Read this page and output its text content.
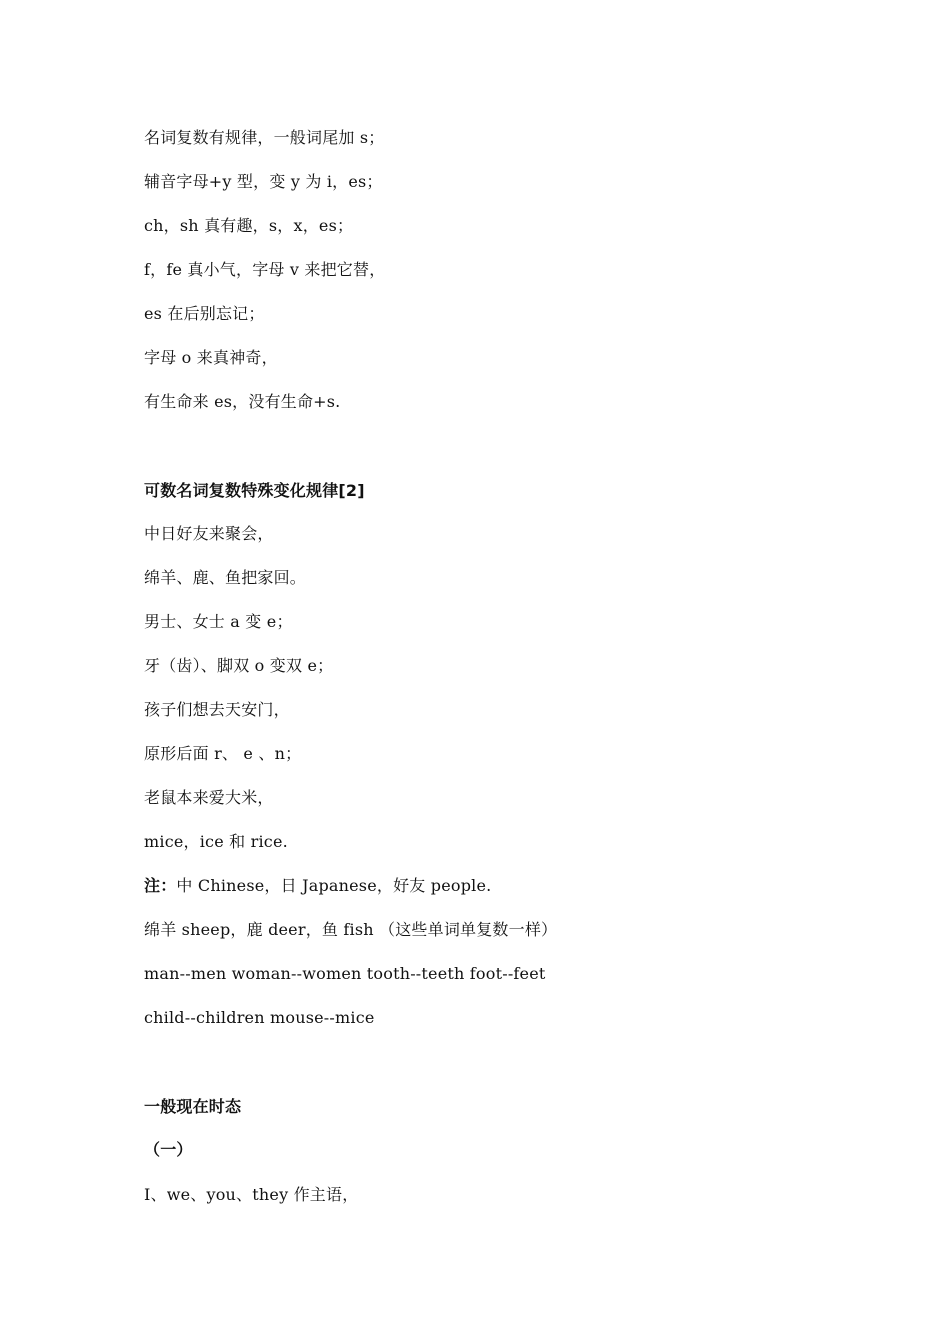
名词复数有规律，一般词尾加 s；
辅音字母+y 型，变 y 为 i，es；
ch，sh 真有趣，s，x，es；
f，fe 真小气，字母 v 来把它替，
es 在后别忘记；
字母 o 来真神奇，
有生命来 es，没有生命+s.
可数名词复数特殊变化规律[2]
中日好友来聚会，
绵羊、鹿、鱼把家回。
男士、女士 a 变 e；
牙（齿）、脚双 o 变双 e；
孩子们想去天安门，
原形后面 r、 e 、n；
老鼠本来爱大米，
mice，ice 和 rice.
注：中 Chinese，日 Japanese，好友 people.
绵羊 sheep，鹿 deer，鱼 fish （这些单词单复数一样）
man--men woman--women tooth--teeth foot--feet
child--children mouse--mice
一般现在时态
（一）
I、we、you、they 作主语，
